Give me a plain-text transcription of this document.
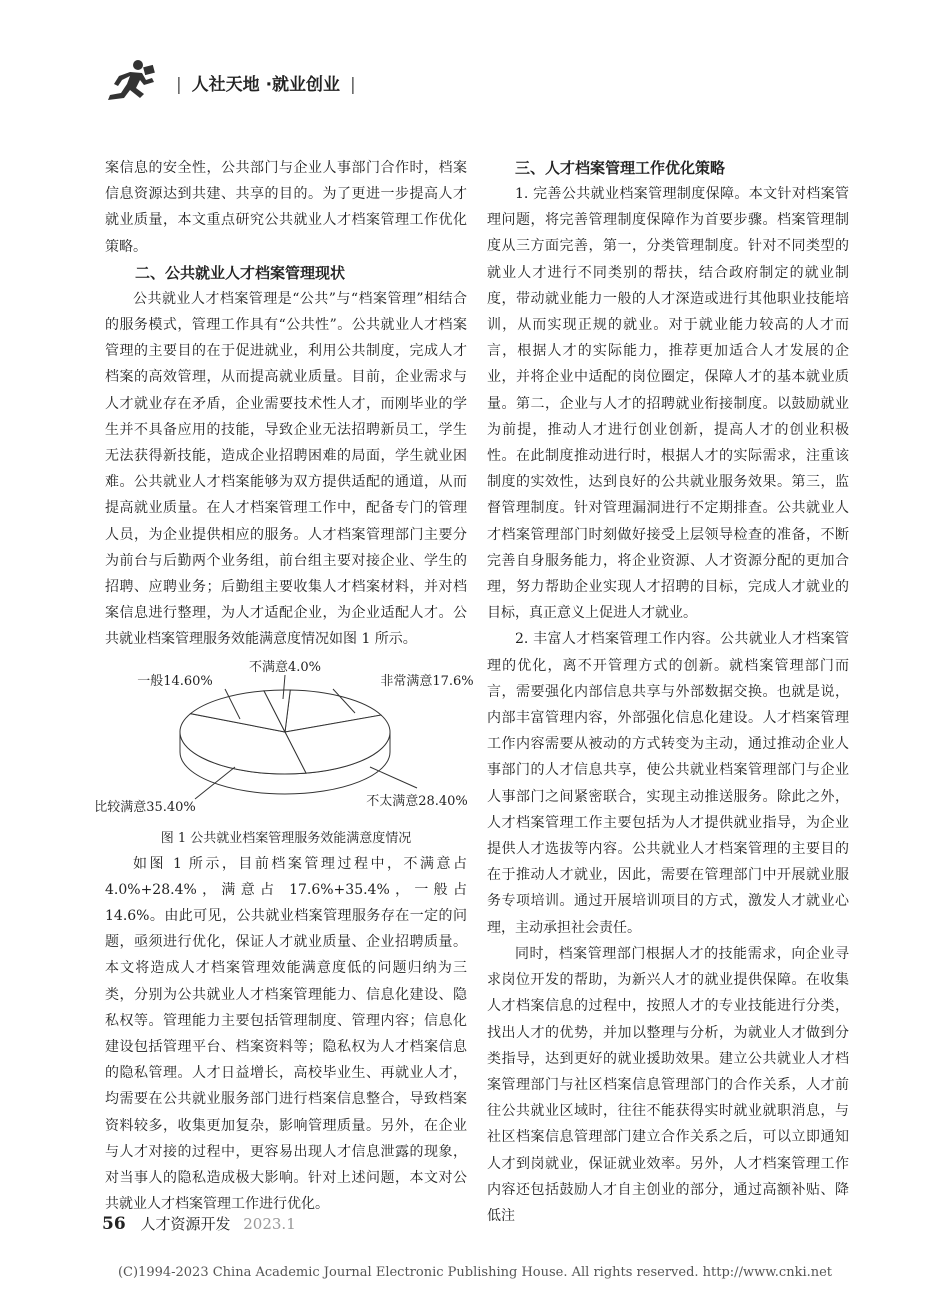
| 人社天地 ·就业创业 |

案信息的安全性，公共部门与企业人事部门合作时，档案信息资源达到共建、共享的目的。为了更进一步提高人才就业质量，本文重点研究公共就业人才档案管理工作优化策略。

二、公共就业人才档案管理现状

公共就业人才档案管理是“公共”与“档案管理”相结合的服务模式，管理工作具有“公共性”。公共就业人才档案管理的主要目的在于促进就业，利用公共制度，完成人才档案的高效管理，从而提高就业质量。目前，企业需求与人才就业存在矛盾，企业需要技术性人才，而刚毕业的学生并不具备应用的技能，导致企业无法招聘新员工，学生无法获得新技能，造成企业招聘困难的局面，学生就业困难。公共就业人才档案能够为双方提供适配的通道，从而提高就业质量。在人才档案管理工作中，配备专门的管理人员，为企业提供相应的服务。人才档案管理部门主要分为前台与后勤两个业务组，前台组主要对接企业、学生的招聘、应聘业务；后勤组主要收集人才档案材料，并对档案信息进行整理，为人才适配企业，为企业适配人才。公共就业档案管理服务效能满意度情况如图 1 所示。

非常满意17.6%
不太满意28.40%
比较满意35.40%
一般14.60%
不满意4.0%

图 1 公共就业档案管理服务效能满意度情况

如图 1 所示，目前档案管理过程中，不满意占4.0%+28.4%，满意占 17.6%+35.4%，一般占 14.6%。由此可见，公共就业档案管理服务存在一定的问题，亟须进行优化，保证人才就业质量、企业招聘质量。本文将造成人才档案管理效能满意度低的问题归纳为三类，分别为公共就业人才档案管理能力、信息化建设、隐私权等。管理能力主要包括管理制度、管理内容；信息化建设包括管理平台、档案资料等；隐私权为人才档案信息的隐私管理。人才日益增长，高校毕业生、再就业人才，均需要在公共就业服务部门进行档案信息整合，导致档案资料较多，收集更加复杂，影响管理质量。另外，在企业与人才对接的过程中，更容易出现人才信息泄露的现象，对当事人的隐私造成极大影响。针对上述问题，本文对公共就业人才档案管理工作进行优化。

三、人才档案管理工作优化策略

1. 完善公共就业档案管理制度保障。本文针对档案管理问题，将完善管理制度保障作为首要步骤。档案管理制度从三方面完善，第一，分类管理制度。针对不同类型的就业人才进行不同类别的帮扶，结合政府制定的就业制度，带动就业能力一般的人才深造或进行其他职业技能培训，从而实现正规的就业。对于就业能力较高的人才而言，根据人才的实际能力，推荐更加适合人才发展的企业，并将企业中适配的岗位圈定，保障人才的基本就业质量。第二，企业与人才的招聘就业衔接制度。以鼓励就业为前提，推动人才进行创业创新，提高人才的创业积极性。在此制度推动进行时，根据人才的实际需求，注重该制度的实效性，达到良好的公共就业服务效果。第三，监督管理制度。针对管理漏洞进行不定期排查。公共就业人才档案管理部门时刻做好接受上层领导检查的准备，不断完善自身服务能力，将企业资源、人才资源分配的更加合理，努力帮助企业实现人才招聘的目标，完成人才就业的目标，真正意义上促进人才就业。

2. 丰富人才档案管理工作内容。公共就业人才档案管理的优化，离不开管理方式的创新。就档案管理部门而言，需要强化内部信息共享与外部数据交换。也就是说，内部丰富管理内容，外部强化信息化建设。人才档案管理工作内容需要从被动的方式转变为主动，通过推动企业人事部门的人才信息共享，使公共就业档案管理部门与企业人事部门之间紧密联合，实现主动推送服务。除此之外，人才档案管理工作主要包括为人才提供就业指导，为企业提供人才选拔等内容。公共就业人才档案管理的主要目的在于推动人才就业，因此，需要在管理部门中开展就业服务专项培训。通过开展培训项目的方式，激发人才就业心理，主动承担社会责任。

同时，档案管理部门根据人才的技能需求，向企业寻求岗位开发的帮助，为新兴人才的就业提供保障。在收集人才档案信息的过程中，按照人才的专业技能进行分类，找出人才的优势，并加以整理与分析，为就业人才做到分类指导，达到更好的就业援助效果。建立公共就业人才档案管理部门与社区档案信息管理部门的合作关系，人才前往公共就业区域时，往往不能获得实时就业就职消息，与社区档案信息管理部门建立合作关系之后，可以立即通知人才到岗就业，保证就业效率。另外，人才档案管理工作内容还包括鼓励人才自主创业的部分，通过高额补贴、降低注

56 人才资源开发 2023.1
(C)1994-2023 China Academic Journal Electronic Publishing House. All rights reserved. http://www.cnki.net
